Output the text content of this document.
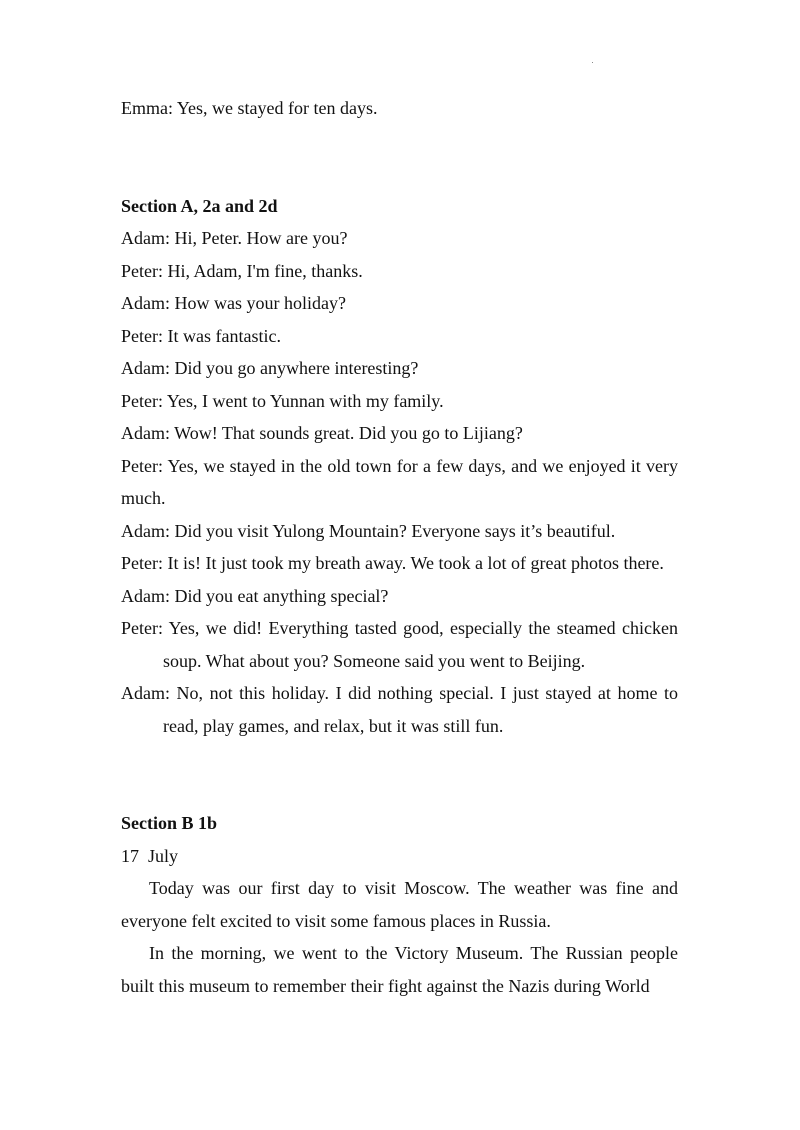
Emma: Yes, we stayed for ten days.

Section A, 2a and 2d

Adam: Hi, Peter. How are you?

Peter: Hi, Adam, I'm fine, thanks.

Adam: How was your holiday?

Peter: It was fantastic.

Adam: Did you go anywhere interesting?

Peter: Yes, I went to Yunnan with my family.

Adam: Wow! That sounds great. Did you go to Lijiang?

Peter: Yes, we stayed in the old town for a few days, and we enjoyed it very much.

Adam: Did you visit Yulong Mountain? Everyone says it’s beautiful.

Peter: It is! It just took my breath away. We took a lot of great photos there.

Adam: Did you eat anything special?

Peter: Yes, we did! Everything tasted good, especially the steamed chicken soup. What about you? Someone said you went to Beijing.

Adam: No, not this holiday. I did nothing special. I just stayed at home to read, play games, and relax, but it was still fun.

Section B 1b

17  July

Today was our first day to visit Moscow. The weather was fine and everyone felt excited to visit some famous places in Russia.

In the morning, we went to the Victory Museum. The Russian people built this museum to remember their fight against the Nazis during World
